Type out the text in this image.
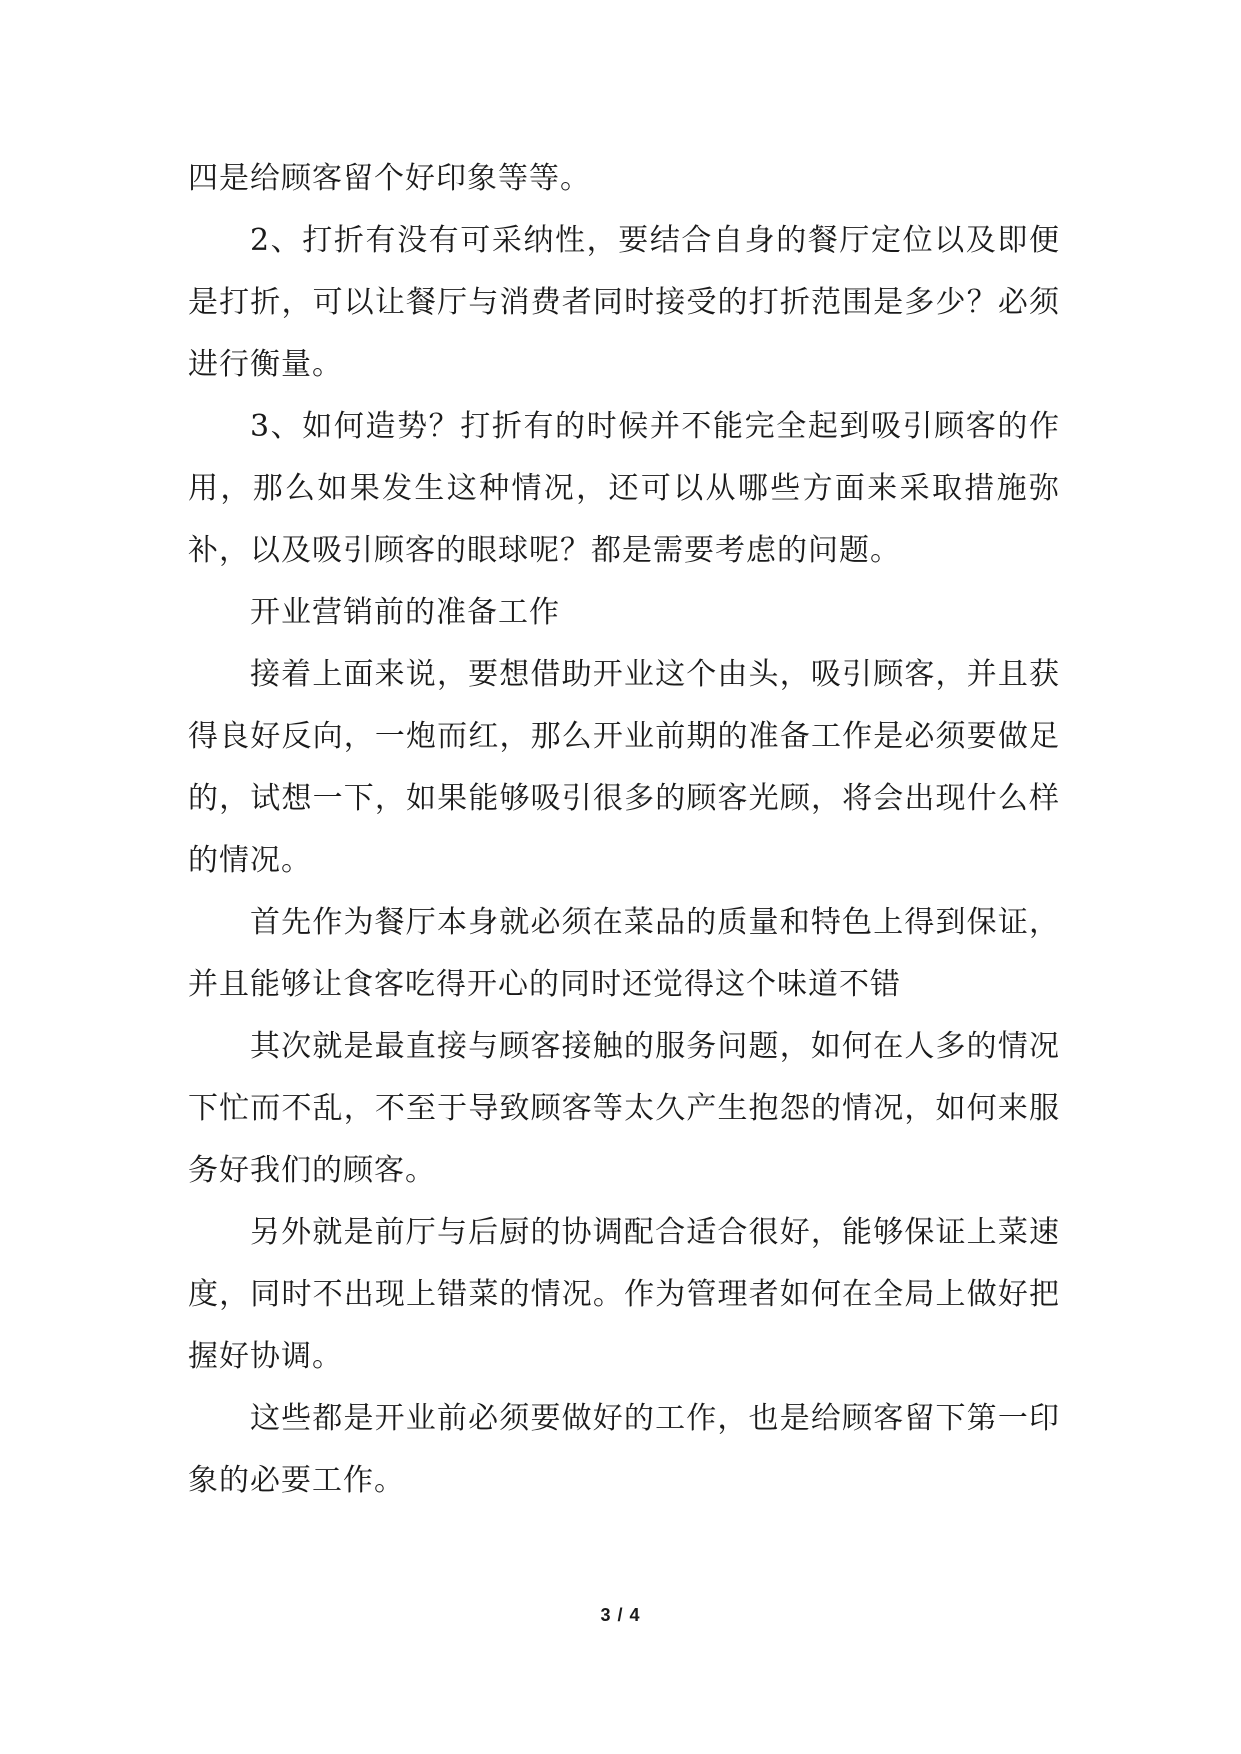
四是给顾客留个好印象等等。

2、打折有没有可采纳性，要结合自身的餐厅定位以及即便是打折，可以让餐厅与消费者同时接受的打折范围是多少？必须进行衡量。

3、如何造势？打折有的时候并不能完全起到吸引顾客的作用，那么如果发生这种情况，还可以从哪些方面来采取措施弥补，以及吸引顾客的眼球呢？都是需要考虑的问题。

开业营销前的准备工作

接着上面来说，要想借助开业这个由头，吸引顾客，并且获得良好反向，一炮而红，那么开业前期的准备工作是必须要做足的，试想一下，如果能够吸引很多的顾客光顾，将会出现什么样的情况。

首先作为餐厅本身就必须在菜品的质量和特色上得到保证，并且能够让食客吃得开心的同时还觉得这个味道不错

其次就是最直接与顾客接触的服务问题，如何在人多的情况下忙而不乱，不至于导致顾客等太久产生抱怨的情况，如何来服务好我们的顾客。

另外就是前厅与后厨的协调配合适合很好，能够保证上菜速度，同时不出现上错菜的情况。作为管理者如何在全局上做好把握好协调。

这些都是开业前必须要做好的工作，也是给顾客留下第一印象的必要工作。

3 / 4
